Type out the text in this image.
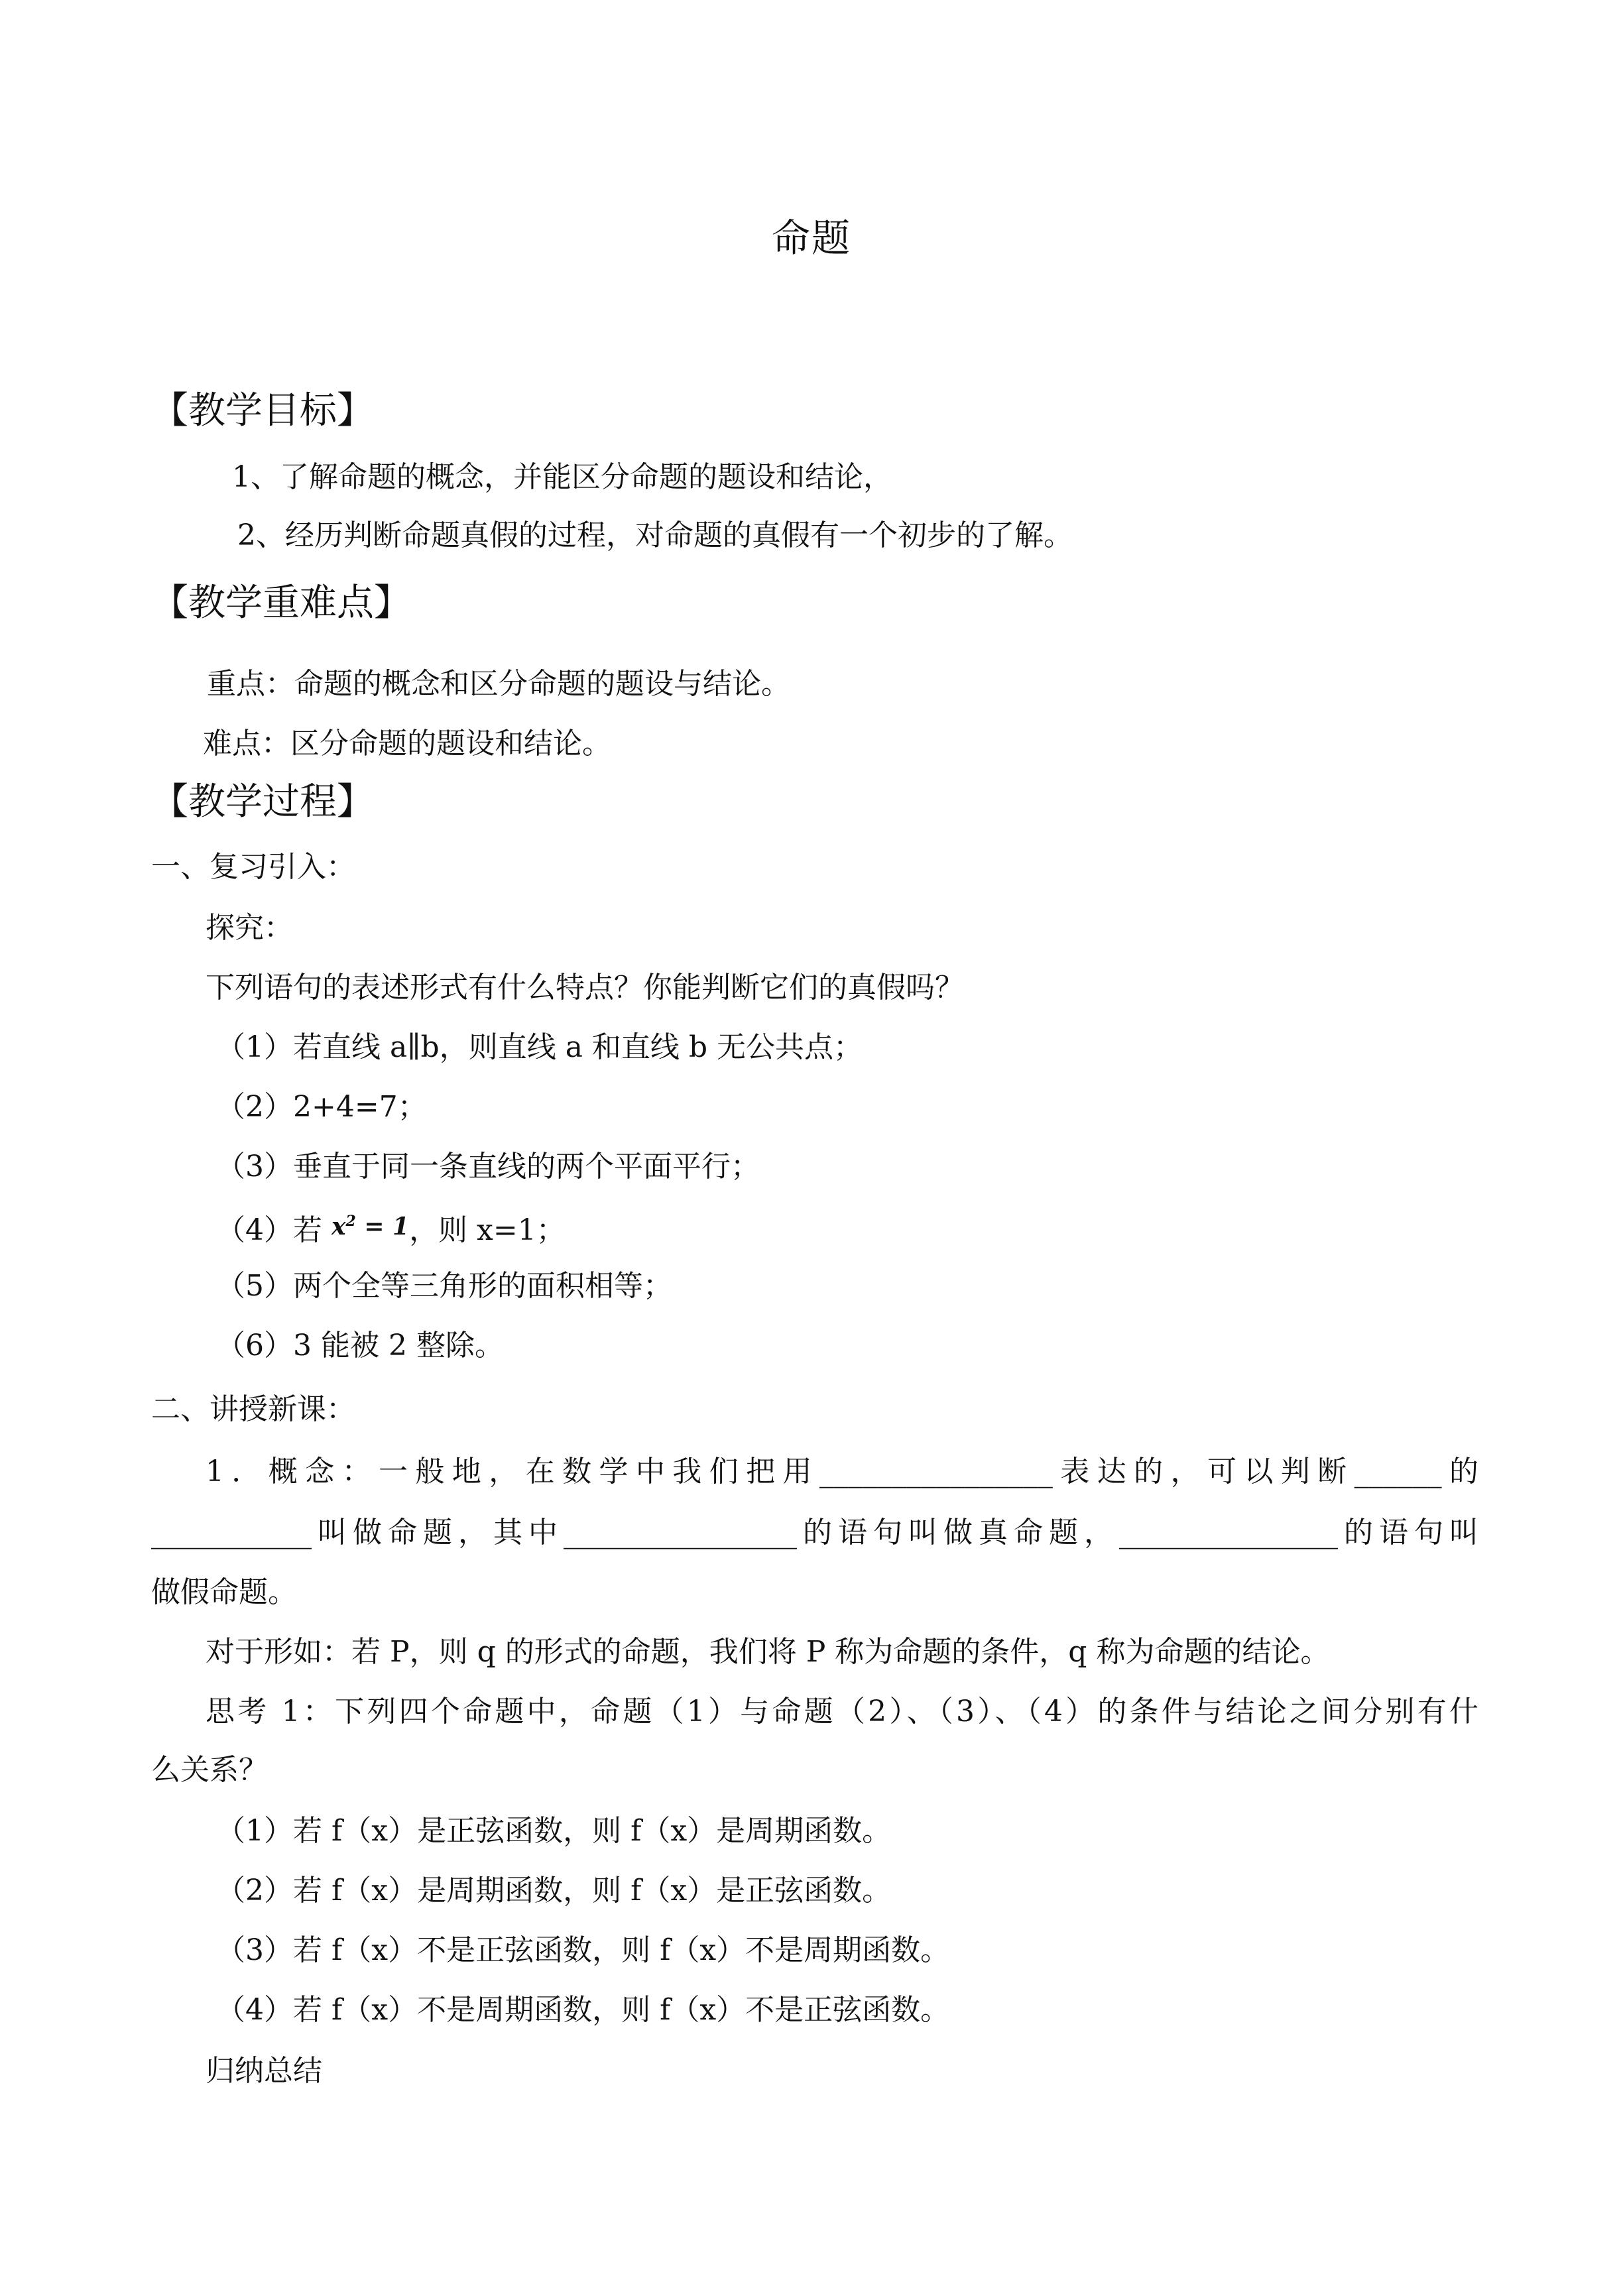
命题
【教学目标】
1、了解命题的概念，并能区分命题的题设和结论，
2、经历判断命题真假的过程，对命题的真假有一个初步的了解。
【教学重难点】
重点：命题的概念和区分命题的题设与结论。
难点：区分命题的题设和结论。
【教学过程】
一、复习引入：
探究：
下列语句的表述形式有什么特点？你能判断它们的真假吗？
（1）若直线 a∥b，则直线 a 和直线 b 无公共点；
（2）2+4=7；
（3）垂直于同一条直线的两个平面平行；
（4）若 $x^2 = 1$，则 x=1；
（5）两个全等三角形的面积相等；
（6）3 能被 2 整除。
二、讲授新课：
1．概念：一般地，在数学中我们把用________________表达的，可以判断______的
___________叫做命题，其中________________的语句叫做真命题，_______________的语句叫
做假命题。
对于形如：若 P，则 q 的形式的命题，我们将 P 称为命题的条件，q 称为命题的结论。
思考 1：下列四个命题中，命题（1）与命题（2）、（3）、（4）的条件与结论之间分别有什
么关系？
（1）若 f（x）是正弦函数，则 f（x）是周期函数。
（2）若 f（x）是周期函数，则 f（x）是正弦函数。
（3）若 f（x）不是正弦函数，则 f（x）不是周期函数。
（4）若 f（x）不是周期函数，则 f（x）不是正弦函数。
归纳总结
